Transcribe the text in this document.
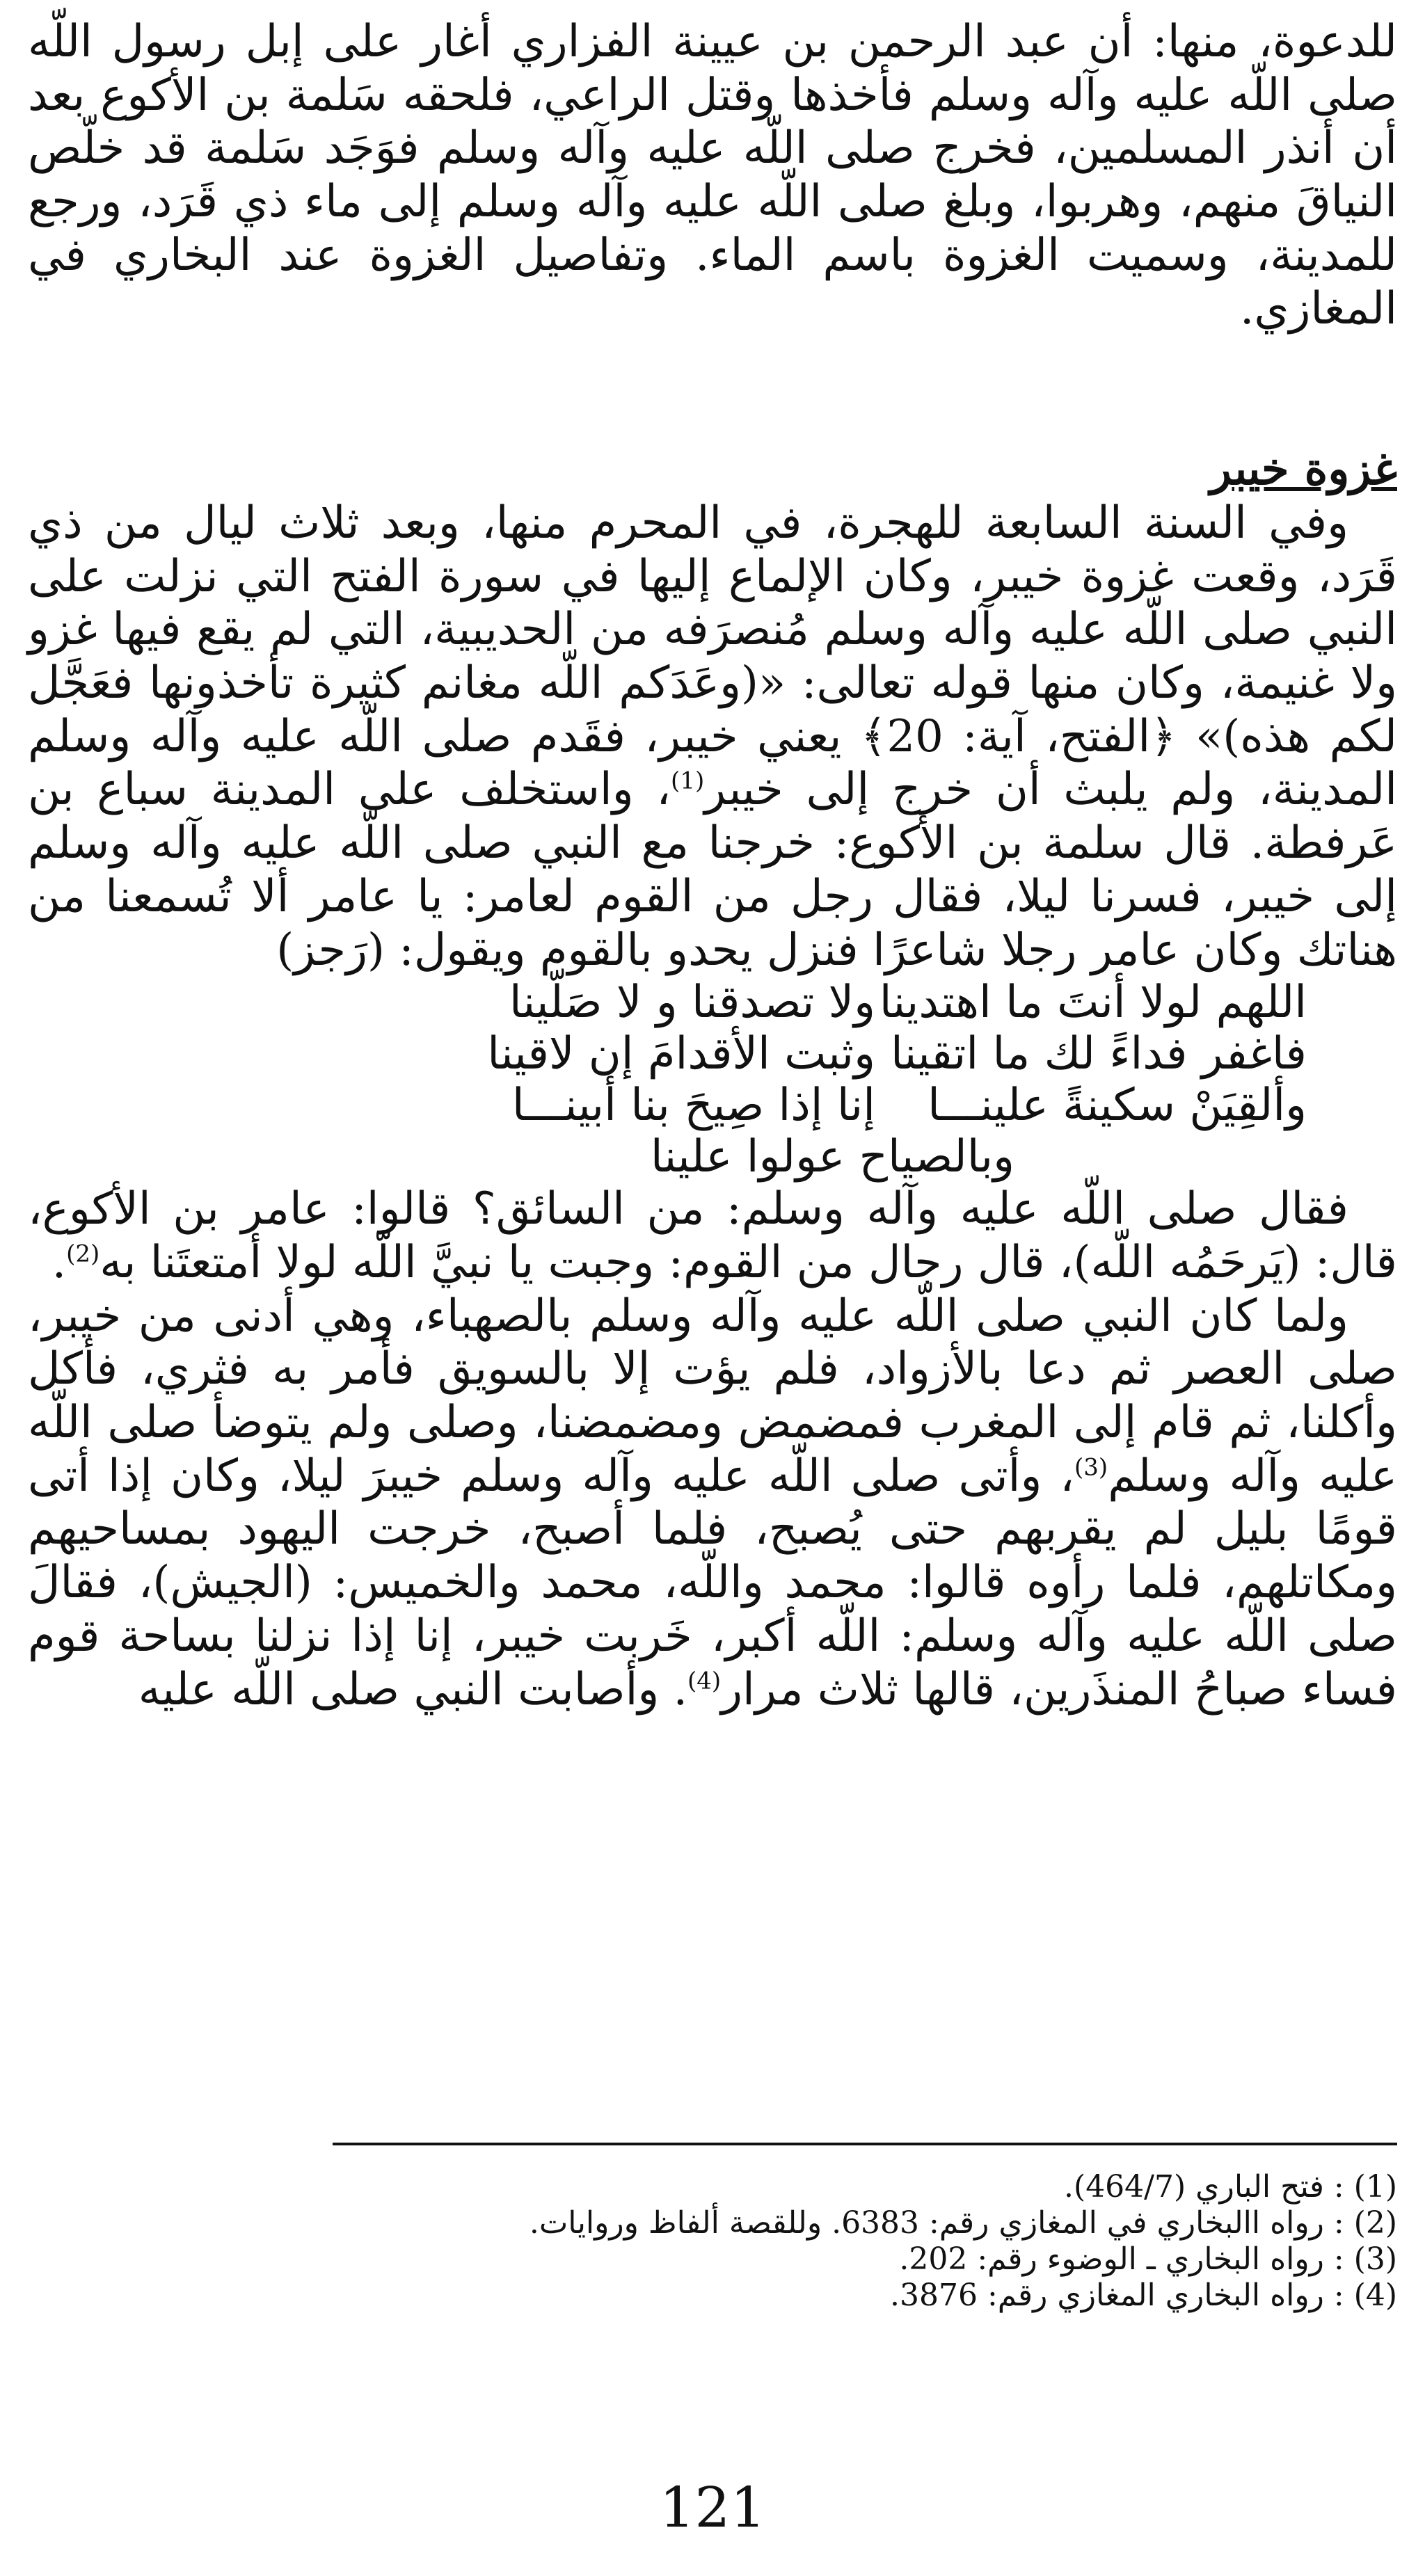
للدعوة، منها: أن عبد الرحمن بن عيينة الفزاري أغار على إبل رسول اللّه صلى اللّه عليه وآله وسلم فأخذها وقتل الراعي، فلحقه سَلمة بن الأكوع بعد أن أنذر المسلمين، فخرج صلى اللّه عليه وآله وسلم فوَجَد سَلمة قد خلّص النياقَ منهم، وهربوا، وبلغ صلى اللّه عليه وآله وسلم إلى ماء ذي قَرَد، ورجع للمدينة، وسميت الغزوة باسم الماء. وتفاصيل الغزوة عند البخاري في المغازي.

غزوة خيبر

وفي السنة السابعة للهجرة، في المحرم منها، وبعد ثلاث ليال من ذي قَرَد، وقعت غزوة خيبر، وكان الإلماع إليها في سورة الفتح التي نزلت على النبي صلى اللّه عليه وآله وسلم مُنصرَفه من الحديبية، التي لم يقع فيها غزو ولا غنيمة، وكان منها قوله تعالى: «(وعَدَكم اللّه مغانم كثيرة تأخذونها فعَجَّل لكم هذه)» ﴿الفتح، آية: 20﴾ يعني خيبر، فقَدم صلى اللّه عليه وآله وسلم المدينة، ولم يلبث أن خرج إلى خيبر$^{(1)}$، واستخلف على المدينة سباع بن عَرفطة. قال سلمة بن الأكوع: خرجنا مع النبي صلى اللّه عليه وآله وسلم إلى خيبر، فسرنا ليلا، فقال رجل من القوم لعامر: يا عامر ألا تُسمعنا من هناتك وكان عامر رجلا شاعرًا فنزل يحدو بالقوم ويقول: (رَجز)

اللهم لولا أنتَ ما اهتدينا
ولا تصدقنا و لا صَلّينا
فاغفر فداءً لك ما اتقينا
وثبت الأقدامَ إن لاقينا
وألقِيَنْ سكينةً علينـــا
إنا إذا صِيحَ بنا أبينـــا
وبالصياح عولوا علينا

فقال صلى اللّه عليه وآله وسلم: من السائق؟ قالوا: عامر بن الأكوع، قال: (يَرحَمُه اللّه)، قال رجال من القوم: وجبت يا نبيَّ اللّه لولا أمتعتَنا به$^{(2)}$.

ولما كان النبي صلى اللّه عليه وآله وسلم بالصهباء، وهي أدنى من خيبر، صلى العصر ثم دعا بالأزواد، فلم يؤت إلا بالسويق فأمر به فثري، فأكل وأكلنا، ثم قام إلى المغرب فمضمض ومضمضنا، وصلى ولم يتوضأ صلى اللّه عليه وآله وسلم$^{(3)}$، وأتى صلى اللّه عليه وآله وسلم خيبرَ ليلا، وكان إذا أتى قومًا بليل لم يقربهم حتى يُصبح، فلما أصبح، خرجت اليهود بمساحيهم ومكاتلهم، فلما رأوه قالوا: محمد واللّه، محمد والخميس: (الجيش)، فقالَ صلى اللّه عليه وآله وسلم: اللّه أكبر، خَربت خيبر، إنا إذا نزلنا بساحة قوم فساء صباحُ المنذَرين، قالها ثلاث مرار$^{(4)}$. وأصابت النبي صلى اللّه عليه

(1) : فتح الباري (464/7).
(2) : رواه االبخاري في المغازي رقم: 6383. وللقصة ألفاظ وروايات.
(3) : رواه البخاري ـ الوضوء رقم: 202.
(4) : رواه البخاري المغازي رقم: 3876.
121
